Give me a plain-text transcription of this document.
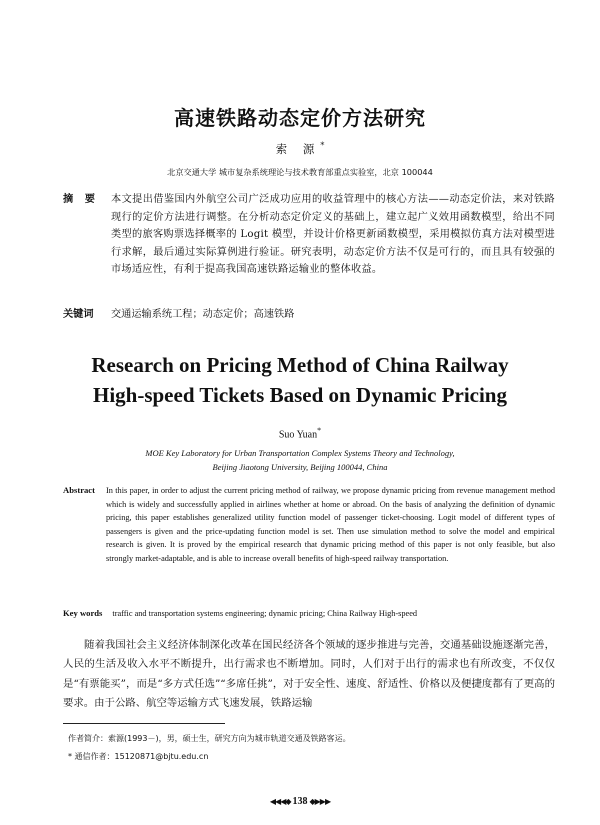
高速铁路动态定价方法研究
索 源*
北京交通大学 城市复杂系统理论与技术教育部重点实验室，北京 100044
摘 要	本文提出借鉴国内外航空公司广泛成功应用的收益管理中的核心方法——动态定价法，来对铁路现行的定价方法进行调整。在分析动态定价定义的基础上，建立起广义效用函数模型，给出不同类型的旅客购票选择概率的 Logit 模型，并设计价格更新函数模型，采用模拟仿真方法对模型进行求解，最后通过实际算例进行验证。研究表明，动态定价方法不仅是可行的，而且具有较强的市场适应性，有利于提高我国高速铁路运输业的整体收益。
关键词 交通运输系统工程；动态定价；高速铁路
Research on Pricing Method of China Railway
High-speed Tickets Based on Dynamic Pricing
Suo Yuan*
MOE Key Laboratory for Urban Transportation Complex Systems Theory and Technology,
Beijing Jiaotong University, Beijing 100044, China
Abstract In this paper, in order to adjust the current pricing method of railway, we propose dynamic pricing from revenue management method which is widely and successfully applied in airlines whether at home or abroad. On the basis of analyzing the definition of dynamic pricing, this paper establishes generalized utility function model of passenger ticket-choosing. Logit model of different types of passengers is given and the price-updating function model is set. Then use simulation method to solve the model and empirical research is given. It is proved by the empirical research that dynamic pricing method of this paper is not only feasible, but also strongly market-adaptable, and is able to increase overall benefits of high-speed railway transportation.
Key words traffic and transportation systems engineering; dynamic pricing; China Railway High-speed

随着我国社会主义经济体制深化改革在国民经济各个领域的逐步推进与完善，交通基础设施逐渐完善，人民的生活及收入水平不断提升，出行需求也不断增加。同时，人们对于出行的需求也有所改变，不仅仅是“有票能买”，而是“多方式任选”“多席任挑”，对于安全性、速度、舒适性、价格以及便捷度都有了更高的要求。由于公路、航空等运输方式飞速发展，铁路运输

作者简介：索源(1993－)，男，硕士生，研究方向为城市轨道交通及铁路客运。
* 通信作者：15120871@bjtu.edu.cn
◀◀◀◆ 138 ◆▶▶▶
